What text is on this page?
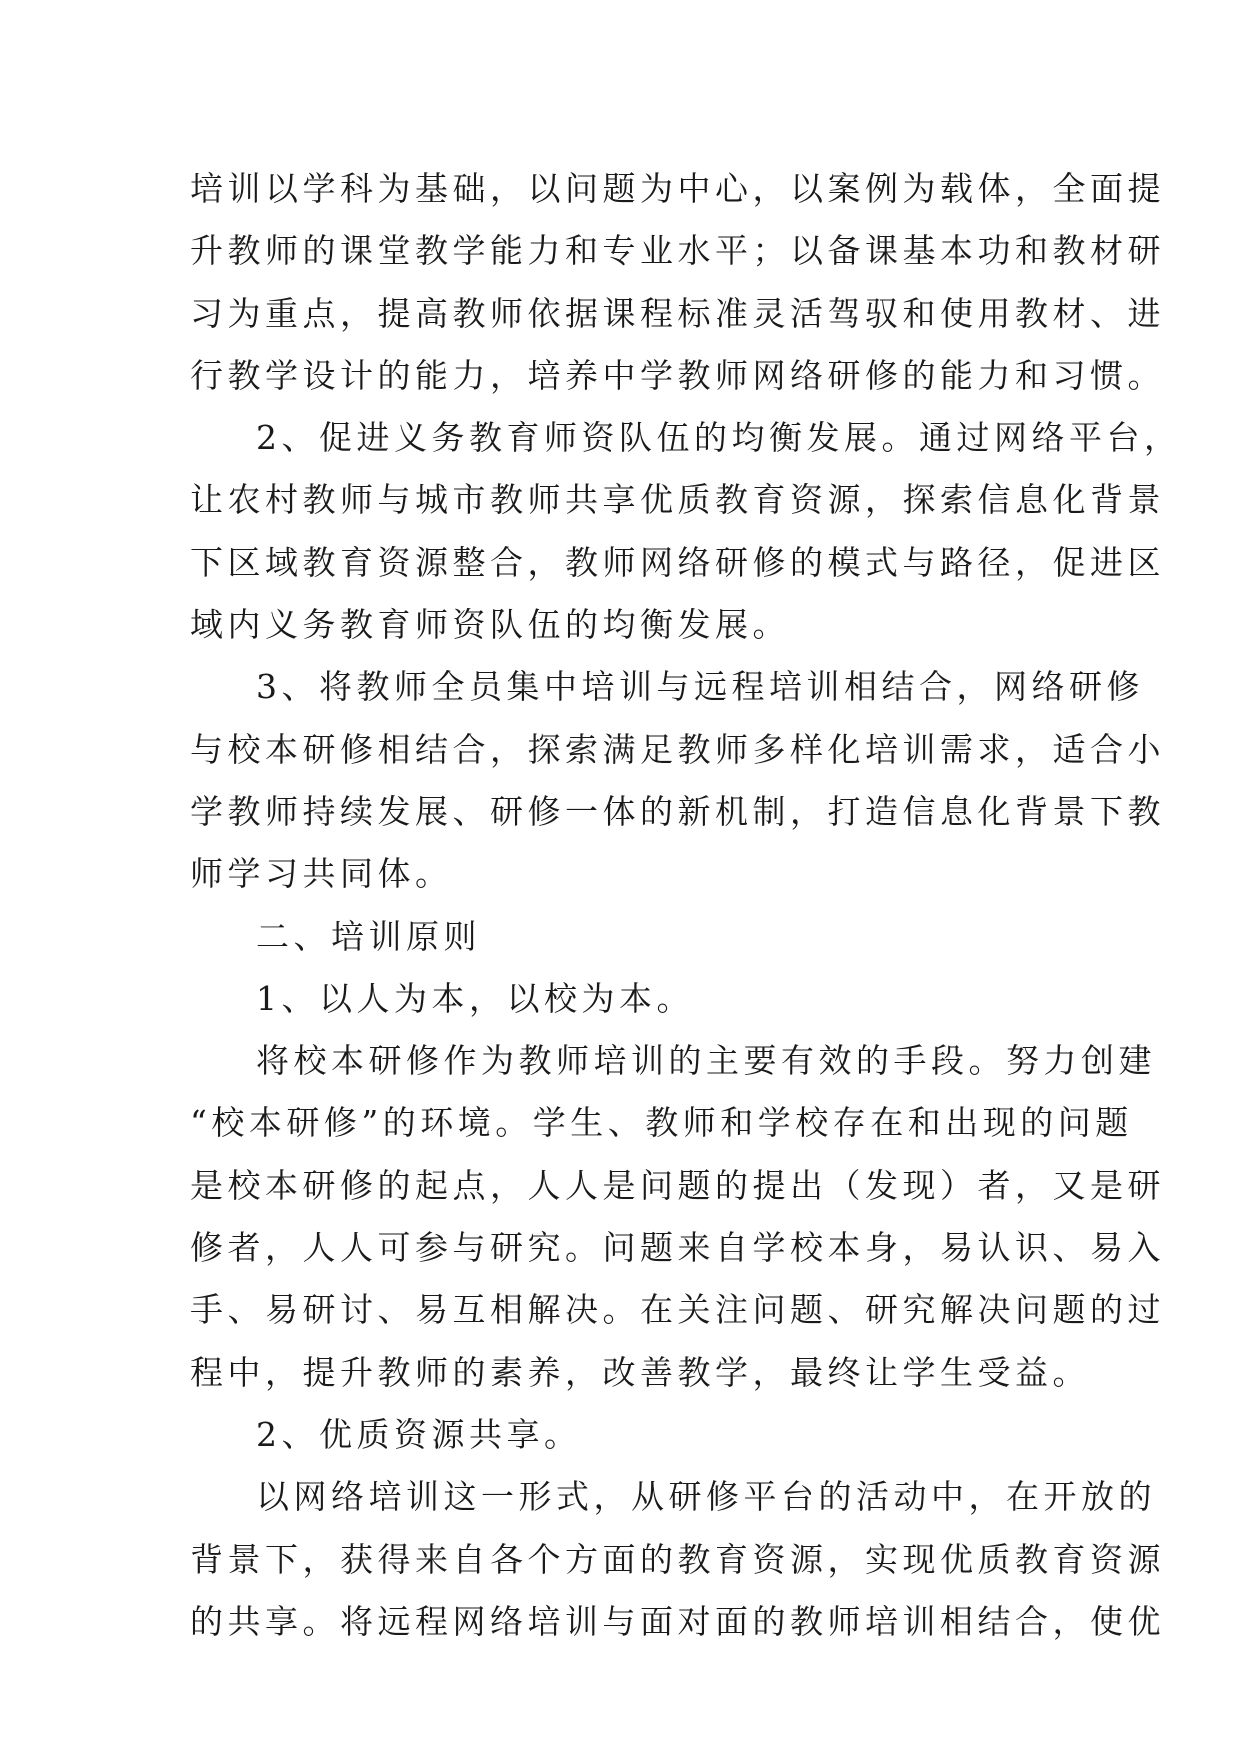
培训以学科为基础，以问题为中心，以案例为载体，全面提
升教师的课堂教学能力和专业水平；以备课基本功和教材研
习为重点，提高教师依据课程标准灵活驾驭和使用教材、进
行教学设计的能力，培养中学教师网络研修的能力和习惯。
2、促进义务教育师资队伍的均衡发展。通过网络平台，
让农村教师与城市教师共享优质教育资源，探索信息化背景
下区域教育资源整合，教师网络研修的模式与路径，促进区
域内义务教育师资队伍的均衡发展。
3、将教师全员集中培训与远程培训相结合，网络研修
与校本研修相结合，探索满足教师多样化培训需求，适合小
学教师持续发展、研修一体的新机制，打造信息化背景下教
师学习共同体。
二、培训原则
1、以人为本，以校为本。
将校本研修作为教师培训的主要有效的手段。努力创建
“校本研修”的环境。学生、教师和学校存在和出现的问题
是校本研修的起点，人人是问题的提出（发现）者，又是研
修者，人人可参与研究。问题来自学校本身，易认识、易入
手、易研讨、易互相解决。在关注问题、研究解决问题的过
程中，提升教师的素养，改善教学，最终让学生受益。
2、优质资源共享。
以网络培训这一形式，从研修平台的活动中，在开放的
背景下，获得来自各个方面的教育资源，实现优质教育资源
的共享。将远程网络培训与面对面的教师培训相结合，使优
